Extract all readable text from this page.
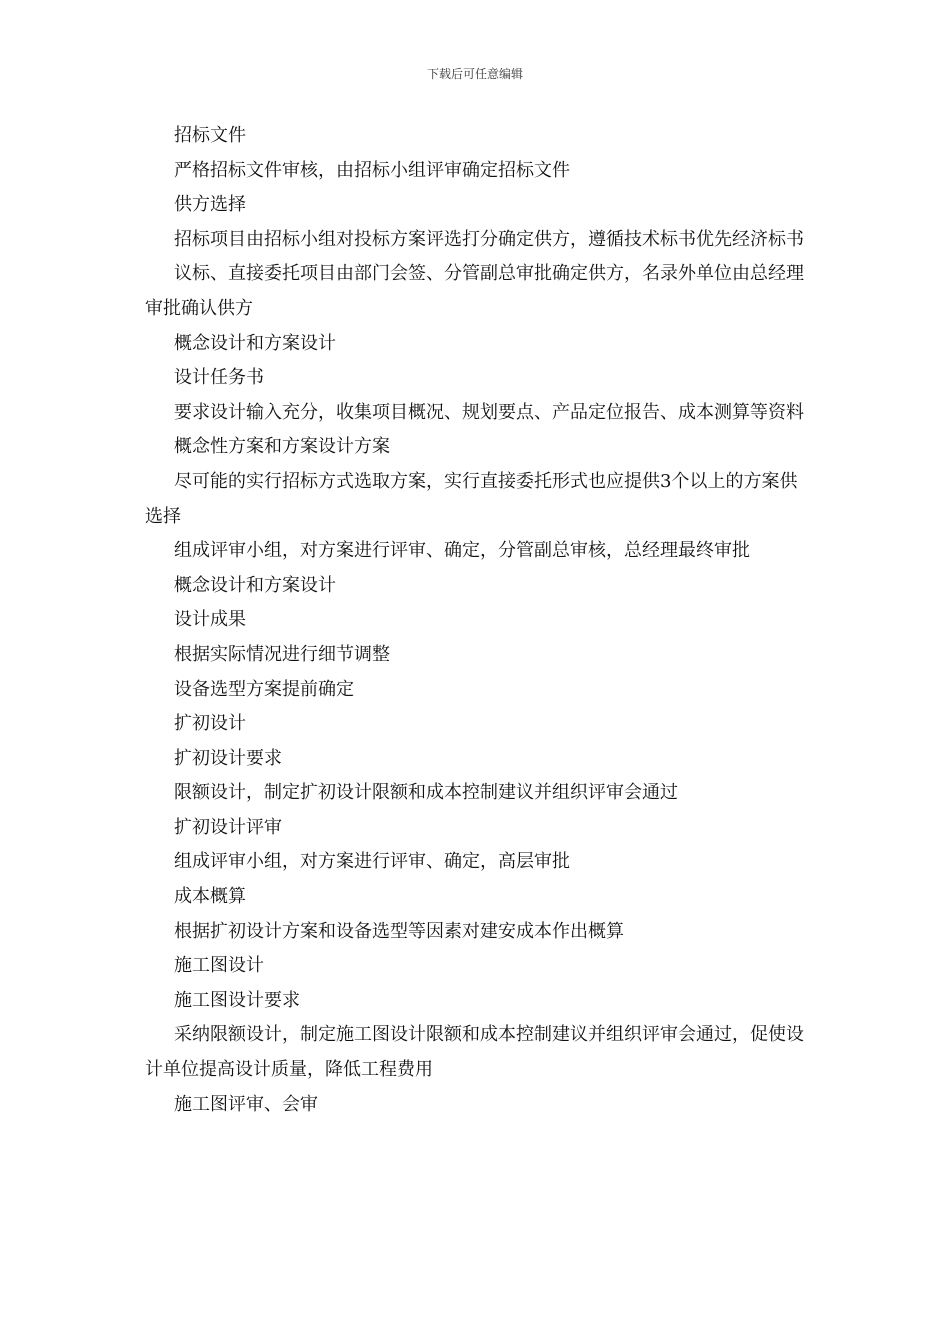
下载后可任意编辑

招标文件

严格招标文件审核，由招标小组评审确定招标文件

供方选择

招标项目由招标小组对投标方案评选打分确定供方，遵循技术标书优先经济标书

议标、直接委托项目由部门会签、分管副总审批确定供方，名录外单位由总经理审批确认供方

概念设计和方案设计

设计任务书

要求设计输入充分，收集项目概况、规划要点、产品定位报告、成本测算等资料

概念性方案和方案设计方案

尽可能的实行招标方式选取方案，实行直接委托形式也应提供3个以上的方案供选择

组成评审小组，对方案进行评审、确定，分管副总审核，总经理最终审批

概念设计和方案设计

设计成果

根据实际情况进行细节调整

设备选型方案提前确定

扩初设计

扩初设计要求

限额设计，制定扩初设计限额和成本控制建议并组织评审会通过

扩初设计评审

组成评审小组，对方案进行评审、确定，高层审批

成本概算

根据扩初设计方案和设备选型等因素对建安成本作出概算

施工图设计

施工图设计要求

采纳限额设计，制定施工图设计限额和成本控制建议并组织评审会通过，促使设计单位提高设计质量，降低工程费用

施工图评审、会审
